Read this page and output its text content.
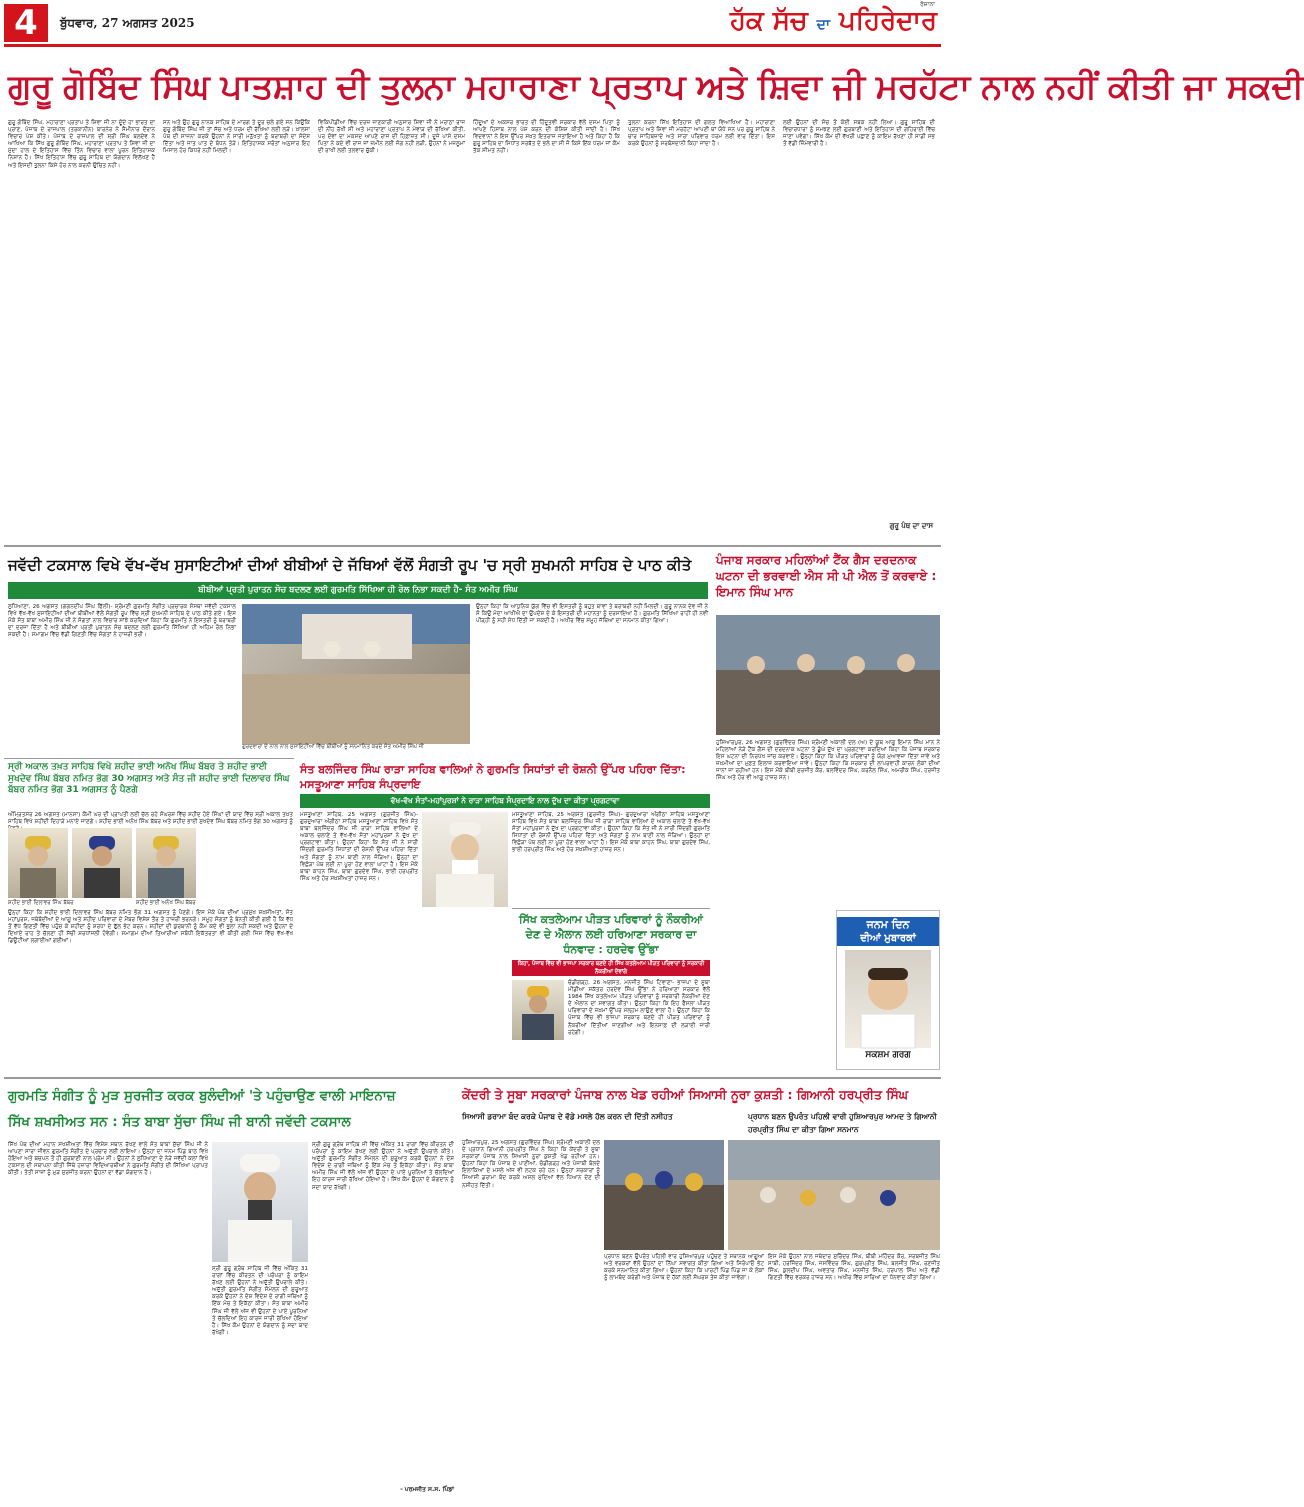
4	ਬੁੱਧਵਾਰ, 27 ਅਗਸਤ 2025	ਹੱਕ ਸੱਚ ਦਾ ਪਹਿਰੇਦਾਰ
ਰੋਜ਼ਾਨਾ
ਗੁਰੂ ਗੋਬਿੰਦ ਸਿੰਘ ਪਾਤਸ਼ਾਹ ਦੀ ਤੁਲਨਾ ਮਹਾਰਾਣਾ ਪ੍ਰਤਾਪ ਅਤੇ ਸ਼ਿਵਾ ਜੀ ਮਰਹੱਟਾ ਨਾਲ ਨਹੀਂ ਕੀਤੀ ਜਾ ਸਕਦੀ
ਗੁਰੂ ਗੋਬਿੰਦ ਸਿੰਘ, ਮਹਾਰਾਣਾ ਪ੍ਰਤਾਪ ਤੇ ਸ਼ਿਵਾ ਜੀ ਨਾ ਦੂੰਦੇ ਹਾ ਭਾਰਤ ਦਾ ਪ੍ਰਾਣ, ਪੰਜਾਬ ਦੇ ਰਾਜਪਾਲ (ਤਰਕਾਨੀਨ) ਬਾਰਨੇਰ ਨੇ ਸੈਮੀਨਾਰ ਦੌਰਾਨ ਵਿਚਾਰ ਪੇਸ਼ ਕੀਤੇ। ਪੰਜਾਬ ਦੇ ਰਾਜਪਾਲ ਦੀ ਸ਼੍ਰੀ ਸਿੰਘ ਬਲਦੇਵ ਨੇ ਆਖਿਆ ਕਿ ਸਿੱਖ ਗੁਰੂ ਗੋਬਿੰਦ ਸਿੰਘ, ਮਹਾਰਾਣਾ ਪ੍ਰਤਾਪ ਤੇ ਸ਼ਿਵਾ ਜੀ ਦਾ ਮੁੱਦਾ ਹਾਲ ਦੇ ਇਤਿਹਾਸ ਵਿੱਚ ਤਿੰਨ ਵਿਚਾਰ ਵਾਲਾ ਪੂਰਨ ਇਤਿਹਾਸਕ ਨਿਸ਼ਾਨ ਹੈ। ਸਿੱਖ ਇਤਿਹਾਸ ਵਿੱਚ ਗੁਰੂ ਸਾਹਿਬ ਦਾ ਯੋਗਦਾਨ ਵਿਲੱਖਣ ਹੈ ਅਤੇ ਇਸਦੀ ਤੁਲਨਾ ਕਿਸੇ ਹੋਰ ਨਾਲ ਕਰਨੀ ਉਚਿਤ ਨਹੀਂ।
ਸਨ ਅਤੇ ਉਹ ਗੁਰੂ ਨਾਨਕ ਸਾਹਿਬ ਦੇ ਮਾਰਗ ਤੇ ਦੂਰ ਚਲੇ ਗਏ ਸਨ ਕਿਉਂਕਿ ਗੁਰੂ ਗੋਬਿੰਦ ਸਿੰਘ ਜੀ ਤਾਂ ਸੱਚ ਅਤੇ ਧਰਮ ਦੀ ਰੱਖਿਆ ਲਈ ਲੜੇ। ਖ਼ਾਲਸਾ ਪੰਥ ਦੀ ਸਾਜਨਾ ਕਰਕੇ ਉਹਨਾਂ ਨੇ ਸਾਰੀ ਮਨੁੱਖਤਾ ਨੂੰ ਬਰਾਬਰੀ ਦਾ ਸੰਦੇਸ਼ ਦਿੱਤਾ ਅਤੇ ਜਾਤ ਪਾਤ ਦੇ ਬੰਧਨ ਤੋੜੇ। ਇਤਿਹਾਸਕ ਸਰੋਤਾਂ ਅਨੁਸਾਰ ਇਹ ਮਿਸਾਲ ਹੋਰ ਕਿਧਰੇ ਨਹੀਂ ਮਿਲਦੀ।
ਵਿਕਿਪੀਡੀਆ ਵਿੱਚ ਦਰਜ਼ ਜਾਣਕਾਰੀ ਅਨੁਸਾਰ ਸ਼ਿਵਾ ਜੀ ਨੇ ਮਰਾਠਾ ਰਾਜ ਦੀ ਨੀਂਹ ਰੱਖੀ ਸੀ ਅਤੇ ਮਹਾਰਾਣਾ ਪ੍ਰਤਾਪ ਨੇ ਮੇਵਾੜ ਦੀ ਰੱਖਿਆ ਕੀਤੀ, ਪਰ ਦੋਵਾਂ ਦਾ ਮਕਸਦ ਆਪਣੇ ਰਾਜ ਦੀ ਹਿਫ਼ਾਜ਼ਤ ਸੀ। ਦੂਜੇ ਪਾਸੇ ਦਸਮ ਪਿਤਾ ਨੇ ਕਦੇ ਵੀ ਰਾਜ ਜਾਂ ਜ਼ਮੀਨ ਲਈ ਜੰਗ ਨਹੀਂ ਲੜੀ, ਉਹਨਾਂ ਨੇ ਮਜ਼ਲੂਮਾਂ ਦੀ ਰਾਖੀ ਲਈ ਤਲਵਾਰ ਚੁੱਕੀ।
ਹਿੰਦੂਆਂ ਦੇ ਅਕਸਰ ਭਾਰਤ ਦੀ ਹਿੰਦੂਤਵੀ ਸਰਕਾਰ ਵੱਲੋਂ ਦਸਮ ਪਿਤਾ ਨੂੰ ਆਪਣੇ ਹਿਸਾਬ ਨਾਲ ਪੇਸ਼ ਕਰਨ ਦੀ ਕੋਸ਼ਿਸ਼ ਕੀਤੀ ਜਾਂਦੀ ਹੈ। ਸਿੱਖ ਵਿਦਵਾਨਾਂ ਨੇ ਇਸ ਉੱਪਰ ਸਖ਼ਤ ਇਤਰਾਜ਼ ਜਤਾਇਆ ਹੈ ਅਤੇ ਕਿਹਾ ਹੈ ਕਿ ਗੁਰੂ ਸਾਹਿਬ ਦਾ ਸਿਧਾਂਤ ਸਰਬੱਤ ਦੇ ਭਲੇ ਦਾ ਸੀ ਜੋ ਕਿਸੇ ਇੱਕ ਧਰਮ ਜਾਂ ਕੌਮ ਤੱਕ ਸੀਮਤ ਨਹੀਂ।
ਤੁਲਨਾ ਕਰਨਾ ਸਿੱਖ ਇਤਿਹਾਸ ਦੀ ਗਲਤ ਵਿਆਖਿਆ ਹੈ। ਮਹਾਰਾਣਾ ਪ੍ਰਤਾਪ ਅਤੇ ਸ਼ਿਵਾ ਜੀ ਮਰਹੱਟਾ ਆਪਣੀ ਥਾਂ ਯੋਧੇ ਸਨ ਪਰ ਗੁਰੂ ਸਾਹਿਬ ਨੇ ਚਾਰ ਸਾਹਿਬਜ਼ਾਦੇ ਅਤੇ ਸਾਰਾ ਪਰਿਵਾਰ ਧਰਮ ਲਈ ਵਾਰ ਦਿੱਤਾ। ਇਸ ਕਰਕੇ ਉਹਨਾਂ ਨੂੰ ਸਰਬੰਸਦਾਨੀ ਕਿਹਾ ਜਾਂਦਾ ਹੈ।
ਲਈ ਉਹਨਾਂ ਦੀ ਸੋਚ ਤੋਂ ਕੋਈ ਸਬਕ ਨਹੀਂ ਲਿਆ। ਗੁਰੂ ਸਾਹਿਬ ਦੀ ਵਿਚਾਰਧਾਰਾ ਨੂੰ ਸਮਝਣ ਲਈ ਗੁਰਬਾਣੀ ਅਤੇ ਇਤਿਹਾਸ ਦੀ ਗਹਿਰਾਈ ਵਿੱਚ ਜਾਣਾ ਪਵੇਗਾ। ਸਿੱਖ ਕੌਮ ਦੀ ਵੱਖਰੀ ਪਛਾਣ ਨੂੰ ਕਾਇਮ ਰੱਖਣਾ ਹੀ ਸਾਡੀ ਸਭ ਤੋਂ ਵੱਡੀ ਜ਼ਿੰਮੇਵਾਰੀ ਹੈ।
ਗੁਰੂ ਪੰਥ ਦਾ ਦਾਸ
ਜਵੱਦੀ ਟਕਸਾਲ ਵਿਖੇ ਵੱਖ-ਵੱਖ ਸੁਸਾਇਟੀਆਂ ਦੀਆਂ ਬੀਬੀਆਂ ਦੇ ਜੱਥਿਆਂ ਵੱਲੋਂ ਸੰਗਤੀ ਰੂਪ 'ਚ ਸ੍ਰੀ ਸੁਖਮਨੀ ਸਾਹਿਬ ਦੇ ਪਾਠ ਕੀਤੇ
ਬੀਬੀਆਂ ਪ੍ਰਤੀ ਪੁਰਾਤਨ ਸੋਚ ਬਦਲਣ ਲਈ ਗੁਰਮਤਿ ਸਿੱਖਿਆ ਹੀ ਰੋਲ ਨਿਭਾ ਸਕਦੀ ਹੈ- ਸੰਤ ਅਮੀਰ ਸਿੰਘ
ਲੁਧਿਆਣਾ, 26 ਅਗਸਤ (ਗਗਨਦੀਪ ਸਿੰਘ ਫਿੱਲੀ)- ਸ਼੍ਰੋਮਣੀ ਗੁਰਮਤਿ ਸੰਗੀਤ ਪ੍ਰਚਾਰਕ ਸੰਸਥਾ ਜਵੱਦੀ ਟਕਸਾਲ ਵਿਖੇ ਵੱਖ-ਵੱਖ ਸੁਸਾਇਟੀਆਂ ਦੀਆਂ ਬੀਬੀਆਂ ਵੱਲੋਂ ਸੰਗਤੀ ਰੂਪ ਵਿੱਚ ਸ੍ਰੀ ਸੁਖਮਨੀ ਸਾਹਿਬ ਦੇ ਪਾਠ ਕੀਤੇ ਗਏ। ਇਸ ਮੌਕੇ ਸੰਤ ਬਾਬਾ ਅਮੀਰ ਸਿੰਘ ਜੀ ਨੇ ਸੰਗਤਾਂ ਨਾਲ ਵਿਚਾਰ ਸਾਂਝੇ ਕਰਦਿਆਂ ਕਿਹਾ ਕਿ ਗੁਰਮਤਿ ਨੇ ਇਸਤਰੀ ਨੂੰ ਬਰਾਬਰੀ ਦਾ ਦਰਜਾ ਦਿੱਤਾ ਹੈ ਅਤੇ ਬੀਬੀਆਂ ਪ੍ਰਤੀ ਪੁਰਾਤਨ ਸੋਚ ਬਦਲਣ ਲਈ ਗੁਰਮਤਿ ਸਿੱਖਿਆ ਹੀ ਅਹਿਮ ਰੋਲ ਨਿਭਾ ਸਕਦੀ ਹੈ। ਸਮਾਗਮ ਵਿੱਚ ਵੱਡੀ ਗਿਣਤੀ ਵਿੱਚ ਸੰਗਤਾਂ ਨੇ ਹਾਜ਼ਰੀ ਭਰੀ।
ਉਨ੍ਹਾਂ ਕਿਹਾ ਕਿ ਆਧੁਨਿਕ ਯੁੱਗ ਵਿੱਚ ਵੀ ਇਸਤਰੀ ਨੂੰ ਬਹੁਤ ਥਾਵਾਂ ਤੇ ਬਰਾਬਰੀ ਨਹੀਂ ਮਿਲਦੀ। ਗੁਰੂ ਨਾਨਕ ਦੇਵ ਜੀ ਨੇ ਸੋ ਕਿਉ ਮੰਦਾ ਆਖੀਐ ਦਾ ਉਪਦੇਸ਼ ਦੇ ਕੇ ਇਸਤਰੀ ਦੀ ਮਹਾਨਤਾ ਨੂੰ ਦਰਸਾਇਆ ਹੈ। ਗੁਰਮਤਿ ਸਿੱਖਿਆ ਰਾਹੀਂ ਹੀ ਨਵੀਂ ਪੀੜ੍ਹੀ ਨੂੰ ਸਹੀ ਸੇਧ ਦਿੱਤੀ ਜਾ ਸਕਦੀ ਹੈ। ਅਖੀਰ ਵਿੱਚ ਸਮੂਹ ਜੱਥਿਆਂ ਦਾ ਸਨਮਾਨ ਕੀਤਾ ਗਿਆ।
ਗੁਰਦਵਾਰਾ ਦੇ ਨਾਲ ਨਾਲ ਸੁਸਾਇਟੀਆਂ ਵਿੱਚ ਬੀਬੀਆਂ ਨੂੰ ਸਨਮਾਨਿਤ ਕਰਦੇ ਸੰਤ ਅਮੀਰ ਸਿੰਘ ਜੀ
ਪੰਜਾਬ ਸਰਕਾਰ ਮਹਿਲਾਂਆਂ ਟੈਂਕ ਗੈਸ ਦਰਦਨਾਕ ਘਟਨਾ ਦੀ ਭਰਵਾਈ ਐਸ ਸੀ ਪੀ ਐਲ ਤੋਂ ਕਰਵਾਏ : ਇਮਾਨ ਸਿੰਘ ਮਾਨ
ਹੁਸ਼ਿਆਰਪੁਰ, 26 ਅਗਸਤ (ਗੁਰਵਿੰਦਰ ਸਿੰਘ) ਸ਼੍ਰੋਮਣੀ ਅਕਾਲੀ ਦਲ (ਅ) ਦੇ ਯੂਥ ਆਗੂ ਇਮਾਨ ਸਿੰਘ ਮਾਨ ਨੇ ਮਹਿਲਾਂਆਂ ਨੇੜੇ ਟੈਂਕ ਗੈਸ ਦੀ ਦਰਦਨਾਕ ਘਟਨਾ ਤੇ ਡੂੰਘੇ ਦੁੱਖ ਦਾ ਪ੍ਰਗਟਾਵਾ ਕਰਦਿਆਂ ਕਿਹਾ ਕਿ ਪੰਜਾਬ ਸਰਕਾਰ ਇਸ ਘਟਨਾ ਦੀ ਨਿਰਪੱਖ ਜਾਂਚ ਕਰਵਾਏ। ਉਨ੍ਹਾਂ ਕਿਹਾ ਕਿ ਪੀੜਤ ਪਰਿਵਾਰਾਂ ਨੂੰ ਯੋਗ ਮੁਆਵਜ਼ਾ ਦਿੱਤਾ ਜਾਵੇ ਅਤੇ ਜ਼ਖ਼ਮੀਆਂ ਦਾ ਮੁਫ਼ਤ ਇਲਾਜ ਕਰਵਾਇਆ ਜਾਵੇ। ਉਨ੍ਹਾਂ ਕਿਹਾ ਕਿ ਸਰਕਾਰ ਦੀ ਲਾਪਰਵਾਹੀ ਕਾਰਨ ਲੋਕਾਂ ਦੀਆਂ ਜਾਨਾਂ ਜਾ ਰਹੀਆਂ ਹਨ। ਇਸ ਮੌਕੇ ਬੀਬੀ ਸੁਰਜੀਤ ਕੌਰ, ਬਲਵਿੰਦਰ ਸਿੰਘ, ਕਰਨੈਲ ਸਿੰਘ, ਅਮਰੀਕ ਸਿੰਘ, ਹਰਜੀਤ ਸਿੰਘ ਅਤੇ ਹੋਰ ਵੀ ਆਗੂ ਹਾਜ਼ਰ ਸਨ।
ਸ੍ਰੀ ਅਕਾਲ ਤਖ਼ਤ ਸਾਹਿਬ ਵਿਖੇ ਸ਼ਹੀਦ ਭਾਈ ਅਨੋਖ ਸਿੰਘ ਬੱਬਰ ਤੇ ਸ਼ਹੀਦ ਭਾਈ ਸੁਖਦੇਵ ਸਿੰਘ ਬੱਬਰ ਨਮਿਤ ਭੋਗ 30 ਅਗਸਤ ਅਤੇ ਸੰਤ ਜੀ ਸ਼ਹੀਦ ਭਾਈ ਦਿਲਾਵਰ ਸਿੰਘ ਬੱਬਰ ਨਮਿਤ ਭੋਗ 31 ਅਗਸਤ ਨੂੰ ਪੈਣਗੇ
ਅੰਮ੍ਰਿਤਸਰ 26 ਅਗਸਤ (ਮਾਨਸਾ) ਕੌਮੀ ਘਰ ਦੀ ਪ੍ਰਾਪਤੀ ਲਈ ਚੱਲ ਰਹੇ ਸੰਘਰਸ਼ ਵਿੱਚ ਸ਼ਹੀਦ ਹੋਏ ਸਿੰਘਾਂ ਦੀ ਯਾਦ ਵਿੱਚ ਸ੍ਰੀ ਅਕਾਲ ਤਖ਼ਤ ਸਾਹਿਬ ਵਿਖੇ ਸ਼ਹੀਦੀ ਦਿਹਾੜੇ ਮਨਾਏ ਜਾਣਗੇ। ਸ਼ਹੀਦ ਭਾਈ ਅਨੋਖ ਸਿੰਘ ਬੱਬਰ ਅਤੇ ਸ਼ਹੀਦ ਭਾਈ ਸੁਖਦੇਵ ਸਿੰਘ ਬੱਬਰ ਨਮਿਤ ਭੋਗ 30 ਅਗਸਤ ਨੂੰ
ਸ਼ਹੀਦ ਭਾਈ ਦਿਲਾਵਰ ਸਿੰਘ ਬੱਬਰ	ਸ਼ਹੀਦ ਭਾਈ ਅਨੋਖ ਸਿੰਘ ਬੱਬਰ
ਉਨ੍ਹਾਂ ਕਿਹਾ ਕਿ ਸ਼ਹੀਦ ਭਾਈ ਦਿਲਾਵਰ ਸਿੰਘ ਬੱਬਰ ਨਮਿਤ ਭੋਗ 31 ਅਗਸਤ ਨੂੰ ਪੈਣਗੇ। ਇਸ ਮੌਕੇ ਪੰਥ ਦੀਆਂ ਪ੍ਰਮੁੱਖ ਸ਼ਖ਼ਸੀਅਤਾਂ, ਸੰਤ ਮਹਾਂਪੁਰਸ਼, ਜਥੇਬੰਦੀਆਂ ਦੇ ਆਗੂ ਅਤੇ ਸ਼ਹੀਦ ਪਰਿਵਾਰਾਂ ਦੇ ਮੈਂਬਰ ਵਿਸ਼ੇਸ਼ ਤੌਰ ਤੇ ਹਾਜ਼ਰੀ ਭਰਨਗੇ। ਸਮੂਹ ਸੰਗਤਾਂ ਨੂੰ ਬੇਨਤੀ ਕੀਤੀ ਗਈ ਹੈ ਕਿ ਵੱਧ ਤੋਂ ਵੱਧ ਗਿਣਤੀ ਵਿੱਚ ਪਹੁੰਚ ਕੇ ਸ਼ਹੀਦਾਂ ਨੂੰ ਸ਼ਰਧਾ ਦੇ ਫੁੱਲ ਭੇਟ ਕਰਨ। ਸ਼ਹੀਦਾਂ ਦੀ ਕੁਰਬਾਨੀ ਨੂੰ ਕੌਮ ਕਦੇ ਵੀ ਭੁਲਾ ਨਹੀਂ ਸਕਦੀ ਅਤੇ ਉਹਨਾਂ ਦੇ ਦਿਖਾਏ ਰਾਹ ਤੇ ਚੱਲਣਾ ਹੀ ਸੱਚੀ ਸ਼ਰਧਾਂਜਲੀ ਹੋਵੇਗੀ। ਸਮਾਗਮ ਦੀਆਂ ਤਿਆਰੀਆਂ ਸਬੰਧੀ ਇਕੱਤਰਤਾ ਵੀ ਕੀਤੀ ਗਈ ਜਿਸ ਵਿੱਚ ਵੱਖ-ਵੱਖ ਡਿਊਟੀਆਂ ਲਗਾਈਆਂ ਗਈਆਂ।
ਸੰਤ ਬਲਜਿੰਦਰ ਸਿੰਘ ਰਾੜਾ ਸਾਹਿਬ ਵਾਲਿਆਂ ਨੇ ਗੁਰਮਤਿ ਸਿਧਾਂਤਾਂ ਦੀ ਰੋਸ਼ਨੀ ਉੱਪਰ ਪਹਿਰਾ ਦਿੱਤਾ: ਮਸਤੂਆਣਾ ਸਾਹਿਬ ਸੰਪ੍ਰਦਾਇ
ਵੱਖ-ਵੱਖ ਸੰਤਾਂ-ਮਹਾਂਪੁਰਸ਼ਾਂ ਨੇ ਰਾੜਾ ਸਾਹਿਬ ਸੰਪ੍ਰਦਾਇ ਨਾਲ ਦੁੱਖ ਦਾ ਕੀਤਾ ਪ੍ਰਗਟਾਵਾ
ਮਸਤੂਆਣਾ ਸਾਹਿਬ, 25 ਅਗਸਤ (ਗੁਰਜੀਤ ਸਿੰਘ)- ਗੁਰਦੁਆਰਾ ਅੰਗੀਠਾ ਸਾਹਿਬ ਮਸਤੂਆਣਾ ਸਾਹਿਬ ਵਿਖੇ ਸੰਤ ਬਾਬਾ ਬਲਜਿੰਦਰ ਸਿੰਘ ਜੀ ਰਾੜਾ ਸਾਹਿਬ ਵਾਲਿਆਂ ਦੇ ਅਕਾਲ ਚਲਾਣੇ ਤੇ ਵੱਖ-ਵੱਖ ਸੰਤਾਂ ਮਹਾਂਪੁਰਸ਼ਾਂ ਨੇ ਦੁੱਖ ਦਾ ਪ੍ਰਗਟਾਵਾ ਕੀਤਾ। ਉਹਨਾਂ ਕਿਹਾ ਕਿ ਸੰਤ ਜੀ ਨੇ ਸਾਰੀ ਜ਼ਿੰਦਗੀ ਗੁਰਮਤਿ ਸਿਧਾਂਤਾਂ ਦੀ ਰੋਸ਼ਨੀ ਉੱਪਰ ਪਹਿਰਾ ਦਿੱਤਾ ਅਤੇ ਸੰਗਤਾਂ ਨੂੰ ਨਾਮ ਬਾਣੀ ਨਾਲ ਜੋੜਿਆ। ਉਨ੍ਹਾਂ ਦਾ ਵਿਛੋੜਾ ਪੰਥ ਲਈ ਨਾ ਪੂਰਾ ਹੋਣ ਵਾਲਾ ਘਾਟਾ ਹੈ। ਇਸ ਮੌਕੇ ਬਾਬਾ ਕਾਹਨ ਸਿੰਘ, ਬਾਬਾ ਗੁਰਦੇਵ ਸਿੰਘ, ਭਾਈ ਹਰਪ੍ਰੀਤ ਸਿੰਘ ਅਤੇ ਹੋਰ ਸਖ਼ਸ਼ੀਅਤਾਂ ਹਾਜ਼ਰ ਸਨ।
ਮਸਤੂਆਣਾ ਸਾਹਿਬ, 25 ਅਗਸਤ (ਗੁਰਜੀਤ ਸਿੰਘ)- ਗੁਰਦੁਆਰਾ ਅੰਗੀਠਾ ਸਾਹਿਬ ਮਸਤੂਆਣਾ ਸਾਹਿਬ ਵਿਖੇ ਸੰਤ ਬਾਬਾ ਬਲਜਿੰਦਰ ਸਿੰਘ ਜੀ ਰਾੜਾ ਸਾਹਿਬ ਵਾਲਿਆਂ ਦੇ ਅਕਾਲ ਚਲਾਣੇ ਤੇ ਵੱਖ-ਵੱਖ ਸੰਤਾਂ ਮਹਾਂਪੁਰਸ਼ਾਂ ਨੇ ਦੁੱਖ ਦਾ ਪ੍ਰਗਟਾਵਾ ਕੀਤਾ। ਉਹਨਾਂ ਕਿਹਾ ਕਿ ਸੰਤ ਜੀ ਨੇ ਸਾਰੀ ਜ਼ਿੰਦਗੀ ਗੁਰਮਤਿ ਸਿਧਾਂਤਾਂ ਦੀ ਰੋਸ਼ਨੀ ਉੱਪਰ ਪਹਿਰਾ ਦਿੱਤਾ ਅਤੇ ਸੰਗਤਾਂ ਨੂੰ ਨਾਮ ਬਾਣੀ ਨਾਲ ਜੋੜਿਆ। ਉਨ੍ਹਾਂ ਦਾ ਵਿਛੋੜਾ ਪੰਥ ਲਈ ਨਾ ਪੂਰਾ ਹੋਣ ਵਾਲਾ ਘਾਟਾ ਹੈ। ਇਸ ਮੌਕੇ ਬਾਬਾ ਕਾਹਨ ਸਿੰਘ, ਬਾਬਾ ਗੁਰਦੇਵ ਸਿੰਘ, ਭਾਈ ਹਰਪ੍ਰੀਤ ਸਿੰਘ ਅਤੇ ਹੋਰ ਸਖ਼ਸ਼ੀਅਤਾਂ ਹਾਜ਼ਰ ਸਨ।
ਸਿੱਖ ਕਤਲੇਆਮ ਪੀੜਤ ਪਰਿਵਾਰਾਂ ਨੂੰ ਨੌਕਰੀਆਂ ਦੇਣ ਦੇ ਐਲਾਨ ਲਈ ਹਰਿਆਣਾ ਸਰਕਾਰ ਦਾ ਧੰਨਵਾਦ : ਹਰਦੇਵ ਉੱਭਾ
ਕਿਹਾ, ਪੰਜਾਬ ਵਿੱਚ ਵੀ ਭਾਜਪਾ ਸਰਕਾਰ ਬਣਦੇ ਹੀ ਸਿੱਖ ਕਤਲੇਆਮ ਪੀੜਤ ਪਰਿਵਾਰਾਂ ਨੂੰ ਸਰਕਾਰੀ ਨੌਕਰੀਆਂ ਦੇਵਾਂਗੇ
ਚੰਡੀਗੜ੍ਹ, 26 ਅਗਸਤ, ਮਨਜੀਤ ਸਿੰਘ ਟਿਵਾਣਾ- ਭਾਜਪਾ ਦੇ ਸੂਬਾ ਮੀਡੀਆ ਸਕੱਤਰ ਹਰਦੇਵ ਸਿੰਘ ਉੱਭਾ ਨੇ ਹਰਿਆਣਾ ਸਰਕਾਰ ਵੱਲੋਂ 1984 ਸਿੱਖ ਕਤਲੇਆਮ ਪੀੜਤ ਪਰਿਵਾਰਾਂ ਨੂੰ ਸਰਕਾਰੀ ਨੌਕਰੀਆਂ ਦੇਣ ਦੇ ਐਲਾਨ ਦਾ ਸਵਾਗਤ ਕੀਤਾ। ਉਨ੍ਹਾਂ ਕਿਹਾ ਕਿ ਇਹ ਫੈਸਲਾ ਪੀੜਤ ਪਰਿਵਾਰਾਂ ਦੇ ਜ਼ਖ਼ਮਾਂ ਉੱਪਰ ਮੱਲ੍ਹਮ ਲਾਉਣ ਵਾਲਾ ਹੈ। ਉਨ੍ਹਾਂ ਕਿਹਾ ਕਿ ਪੰਜਾਬ ਵਿੱਚ ਵੀ ਭਾਜਪਾ ਸਰਕਾਰ ਬਣਦੇ ਹੀ ਪੀੜਤ ਪਰਿਵਾਰਾਂ ਨੂੰ ਨੌਕਰੀਆਂ ਦਿੱਤੀਆਂ ਜਾਣਗੀਆਂ ਅਤੇ ਇਨਸਾਫ਼ ਦੀ ਲੜਾਈ ਜਾਰੀ ਰਹੇਗੀ।
ਜਨਮ ਦਿਨ
ਦੀਆਂ ਮੁਬਾਰਕਾਂ
ਸਕਸ਼ਮ ਗਰਗ
ਗੁਰਮਤਿ ਸੰਗੀਤ ਨੂੰ ਮੁੜ ਸੁਰਜੀਤ ਕਰਕ ਬੁਲੰਦੀਆਂ 'ਤੇ ਪਹੁੰਚਾਉਣ ਵਾਲੀ ਮਾਇਨਾਜ਼
ਸਿੱਖ ਸ਼ਖਸੀਅਤ ਸਨ : ਸੰਤ ਬਾਬਾ ਸੁੱਚਾ ਸਿੰਘ ਜੀ ਬਾਨੀ ਜਵੱਦੀ ਟਕਸਾਲ
ਸਿੱਖ ਪੰਥ ਦੀਆਂ ਮਹਾਨ ਸਖਸ਼ੀਅਤਾਂ ਵਿੱਚ ਵਿਸ਼ੇਸ਼ ਸਥਾਨ ਰੱਖਣ ਵਾਲੇ ਸੰਤ ਬਾਬਾ ਸੁੱਚਾ ਸਿੰਘ ਜੀ ਨੇ ਆਪਣਾ ਸਾਰਾ ਜੀਵਨ ਗੁਰਮਤਿ ਸੰਗੀਤ ਦੇ ਪ੍ਰਚਾਰ ਲਈ ਲਾਇਆ। ਉਨ੍ਹਾਂ ਦਾ ਜਨਮ ਪਿੰਡ ਬਾਠ ਵਿਖੇ ਹੋਇਆ ਅਤੇ ਬਚਪਨ ਤੋਂ ਹੀ ਗੁਰਬਾਣੀ ਨਾਲ ਪ੍ਰੇਮ ਸੀ। ਉਹਨਾਂ ਨੇ ਲੁਧਿਆਣਾ ਦੇ ਨੇੜੇ ਜਵੱਦੀ ਕਲਾਂ ਵਿਖੇ ਟਕਸਾਲ ਦੀ ਸਥਾਪਨਾ ਕੀਤੀ ਜਿੱਥੇ ਹਜ਼ਾਰਾਂ ਵਿਦਿਆਰਥੀਆਂ ਨੇ ਗੁਰਮਤਿ ਸੰਗੀਤ ਦੀ ਸਿੱਖਿਆ ਪ੍ਰਾਪਤ ਕੀਤੀ। ਤੰਤੀ ਸਾਜ਼ਾਂ ਨੂੰ ਮੁੜ ਸੁਰਜੀਤ ਕਰਨਾ ਉਹਨਾਂ ਦਾ ਵੱਡਾ ਯੋਗਦਾਨ ਹੈ।
ਸ੍ਰੀ ਗੁਰੂ ਗ੍ਰੰਥ ਸਾਹਿਬ ਜੀ ਵਿੱਚ ਅੰਕਿਤ 31 ਰਾਗਾਂ ਵਿੱਚ ਕੀਰਤਨ ਦੀ ਪਰੰਪਰਾ ਨੂੰ ਕਾਇਮ ਰੱਖਣ ਲਈ ਉਹਨਾਂ ਨੇ ਅਦੁੱਤੀ ਉਪਰਾਲੇ ਕੀਤੇ। ਅਦੁੱਤੀ ਗੁਰਮਤਿ ਸੰਗੀਤ ਸੰਮੇਲਨ ਦੀ ਸ਼ੁਰੂਆਤ ਕਰਕੇ ਉਹਨਾਂ ਨੇ ਦੇਸ਼ ਵਿਦੇਸ਼ ਦੇ ਰਾਗੀ ਜਥਿਆਂ ਨੂੰ ਇੱਕ ਮੰਚ ਤੇ ਇਕੱਠਾ ਕੀਤਾ। ਸੰਤ ਬਾਬਾ ਅਮੀਰ ਸਿੰਘ ਜੀ ਵੱਲੋਂ ਅੱਜ ਵੀ ਉਹਨਾਂ ਦੇ ਪਾਏ ਪੂਰਨਿਆਂ ਤੇ ਚੱਲਦਿਆਂ ਇਹ ਕਾਰਜ ਜਾਰੀ ਰੱਖਿਆ ਹੋਇਆ ਹੈ। ਸਿੱਖ ਕੌਮ ਉਹਨਾਂ ਦੇ ਯੋਗਦਾਨ ਨੂੰ ਸਦਾ ਯਾਦ ਰੱਖੇਗੀ।
ਸ੍ਰੀ ਗੁਰੂ ਗ੍ਰੰਥ ਸਾਹਿਬ ਜੀ ਵਿੱਚ ਅੰਕਿਤ 31 ਰਾਗਾਂ ਵਿੱਚ ਕੀਰਤਨ ਦੀ ਪਰੰਪਰਾ ਨੂੰ ਕਾਇਮ ਰੱਖਣ ਲਈ ਉਹਨਾਂ ਨੇ ਅਦੁੱਤੀ ਉਪਰਾਲੇ ਕੀਤੇ। ਅਦੁੱਤੀ ਗੁਰਮਤਿ ਸੰਗੀਤ ਸੰਮੇਲਨ ਦੀ ਸ਼ੁਰੂਆਤ ਕਰਕੇ ਉਹਨਾਂ ਨੇ ਦੇਸ਼ ਵਿਦੇਸ਼ ਦੇ ਰਾਗੀ ਜਥਿਆਂ ਨੂੰ ਇੱਕ ਮੰਚ ਤੇ ਇਕੱਠਾ ਕੀਤਾ। ਸੰਤ ਬਾਬਾ ਅਮੀਰ ਸਿੰਘ ਜੀ ਵੱਲੋਂ ਅੱਜ ਵੀ ਉਹਨਾਂ ਦੇ ਪਾਏ ਪੂਰਨਿਆਂ ਤੇ ਚੱਲਦਿਆਂ ਇਹ ਕਾਰਜ ਜਾਰੀ ਰੱਖਿਆ ਹੋਇਆ ਹੈ। ਸਿੱਖ ਕੌਮ ਉਹਨਾਂ ਦੇ ਯੋਗਦਾਨ ਨੂੰ ਸਦਾ ਯਾਦ ਰੱਖੇਗੀ।
- ਪਰਮਜੀਤ ਸ.ਸ. ਪਿੰਡਾਂ
ਕੇਂਦਰੀ ਤੇ ਸੂਬਾ ਸਰਕਾਰਾਂ ਪੰਜਾਬ ਨਾਲ ਖੇਡ ਰਹੀਆਂ ਸਿਆਸੀ ਨੂਰਾ ਕੁਸ਼ਤੀ : ਗਿਆਨੀ ਹਰਪ੍ਰੀਤ ਸਿੰਘ
ਸਿਆਸੀ ਡਰਾਮਾ ਬੰਦ ਕਰਕੇ ਪੰਜਾਬ ਦੇ ਵੱਡੇ ਮਸਲੇ ਹੱਲ ਕਰਨ ਦੀ ਦਿੱਤੀ ਨਸੀਹਤ	ਪ੍ਰਧਾਨ ਬਣਨ ਉਪਰੰਤ ਪਹਿਲੀ ਵਾਰੀ ਹੁਸ਼ਿਆਰਪੁਰ ਆਮਦ ਤੇ ਗਿਆਨੀ ਹਰਪ੍ਰੀਤ ਸਿੰਘ ਦਾ ਕੀਤਾ ਗਿਆ ਸਨਮਾਨ
ਹੁਸ਼ਿਆਰਪੁਰ, 25 ਅਗਸਤ (ਗੁਰਵਿੰਦਰ ਸਿੰਘ) ਸ਼੍ਰੋਮਣੀ ਅਕਾਲੀ ਦਲ ਦੇ ਪ੍ਰਧਾਨ ਗਿਆਨੀ ਹਰਪ੍ਰੀਤ ਸਿੰਘ ਨੇ ਕਿਹਾ ਕਿ ਕੇਂਦਰੀ ਤੇ ਸੂਬਾ ਸਰਕਾਰਾਂ ਪੰਜਾਬ ਨਾਲ ਸਿਆਸੀ ਨੂਰਾ ਕੁਸ਼ਤੀ ਖੇਡ ਰਹੀਆਂ ਹਨ। ਉਹਨਾਂ ਕਿਹਾ ਕਿ ਪੰਜਾਬ ਦੇ ਪਾਣੀਆਂ, ਚੰਡੀਗੜ੍ਹ ਅਤੇ ਪੰਜਾਬੀ ਬੋਲਦੇ ਇਲਾਕਿਆਂ ਦੇ ਮਸਲੇ ਅੱਜ ਵੀ ਲਟਕ ਰਹੇ ਹਨ। ਉਨ੍ਹਾਂ ਸਰਕਾਰਾਂ ਨੂੰ ਸਿਆਸੀ ਡਰਾਮਾ ਬੰਦ ਕਰਕੇ ਅਸਲ ਮੁੱਦਿਆਂ ਵੱਲ ਧਿਆਨ ਦੇਣ ਦੀ ਨਸੀਹਤ ਦਿੱਤੀ।
ਪ੍ਰਧਾਨ ਬਣਨ ਉਪਰੰਤ ਪਹਿਲੀ ਵਾਰ ਹੁਸ਼ਿਆਰਪੁਰ ਪਹੁੰਚਣ ਤੇ ਸਥਾਨਕ ਆਗੂਆਂ ਅਤੇ ਵਰਕਰਾਂ ਵੱਲੋਂ ਉਹਨਾਂ ਦਾ ਨਿੱਘਾ ਸਵਾਗਤ ਕੀਤਾ ਗਿਆ ਅਤੇ ਸਿਰੋਪਾਓ ਭੇਟ ਕਰਕੇ ਸਨਮਾਨਿਤ ਕੀਤਾ ਗਿਆ। ਉਹਨਾਂ ਕਿਹਾ ਕਿ ਪਾਰਟੀ ਪਿੰਡ ਪਿੰਡ ਜਾ ਕੇ ਲੋਕਾਂ ਨੂੰ ਲਾਮਬੰਦ ਕਰੇਗੀ ਅਤੇ ਪੰਜਾਬ ਦੇ ਹੱਕਾਂ ਲਈ ਸੰਘਰਸ਼ ਤੇਜ਼ ਕੀਤਾ ਜਾਵੇਗਾ।
ਇਸ ਮੌਕੇ ਉਹਨਾਂ ਨਾਲ ਜਥੇਦਾਰ ਸੁਰਿੰਦਰ ਸਿੰਘ, ਬੀਬੀ ਮਹਿੰਦਰ ਕੌਰ, ਸਰਬਜੀਤ ਸਿੰਘ ਸਾਬੀ, ਹਰਜਿੰਦਰ ਸਿੰਘ, ਜਸਵਿੰਦਰ ਸਿੰਘ, ਗੁਰਪ੍ਰੀਤ ਸਿੰਘ, ਬਲਜੀਤ ਸਿੰਘ, ਰਣਜੀਤ ਸਿੰਘ, ਕੁਲਦੀਪ ਸਿੰਘ, ਅਵਤਾਰ ਸਿੰਘ, ਮਨਜੀਤ ਸਿੰਘ, ਹਰਪਾਲ ਸਿੰਘ ਅਤੇ ਵੱਡੀ ਗਿਣਤੀ ਵਿੱਚ ਵਰਕਰ ਹਾਜ਼ਰ ਸਨ। ਅਖੀਰ ਵਿੱਚ ਸਾਰਿਆਂ ਦਾ ਧੰਨਵਾਦ ਕੀਤਾ ਗਿਆ।
